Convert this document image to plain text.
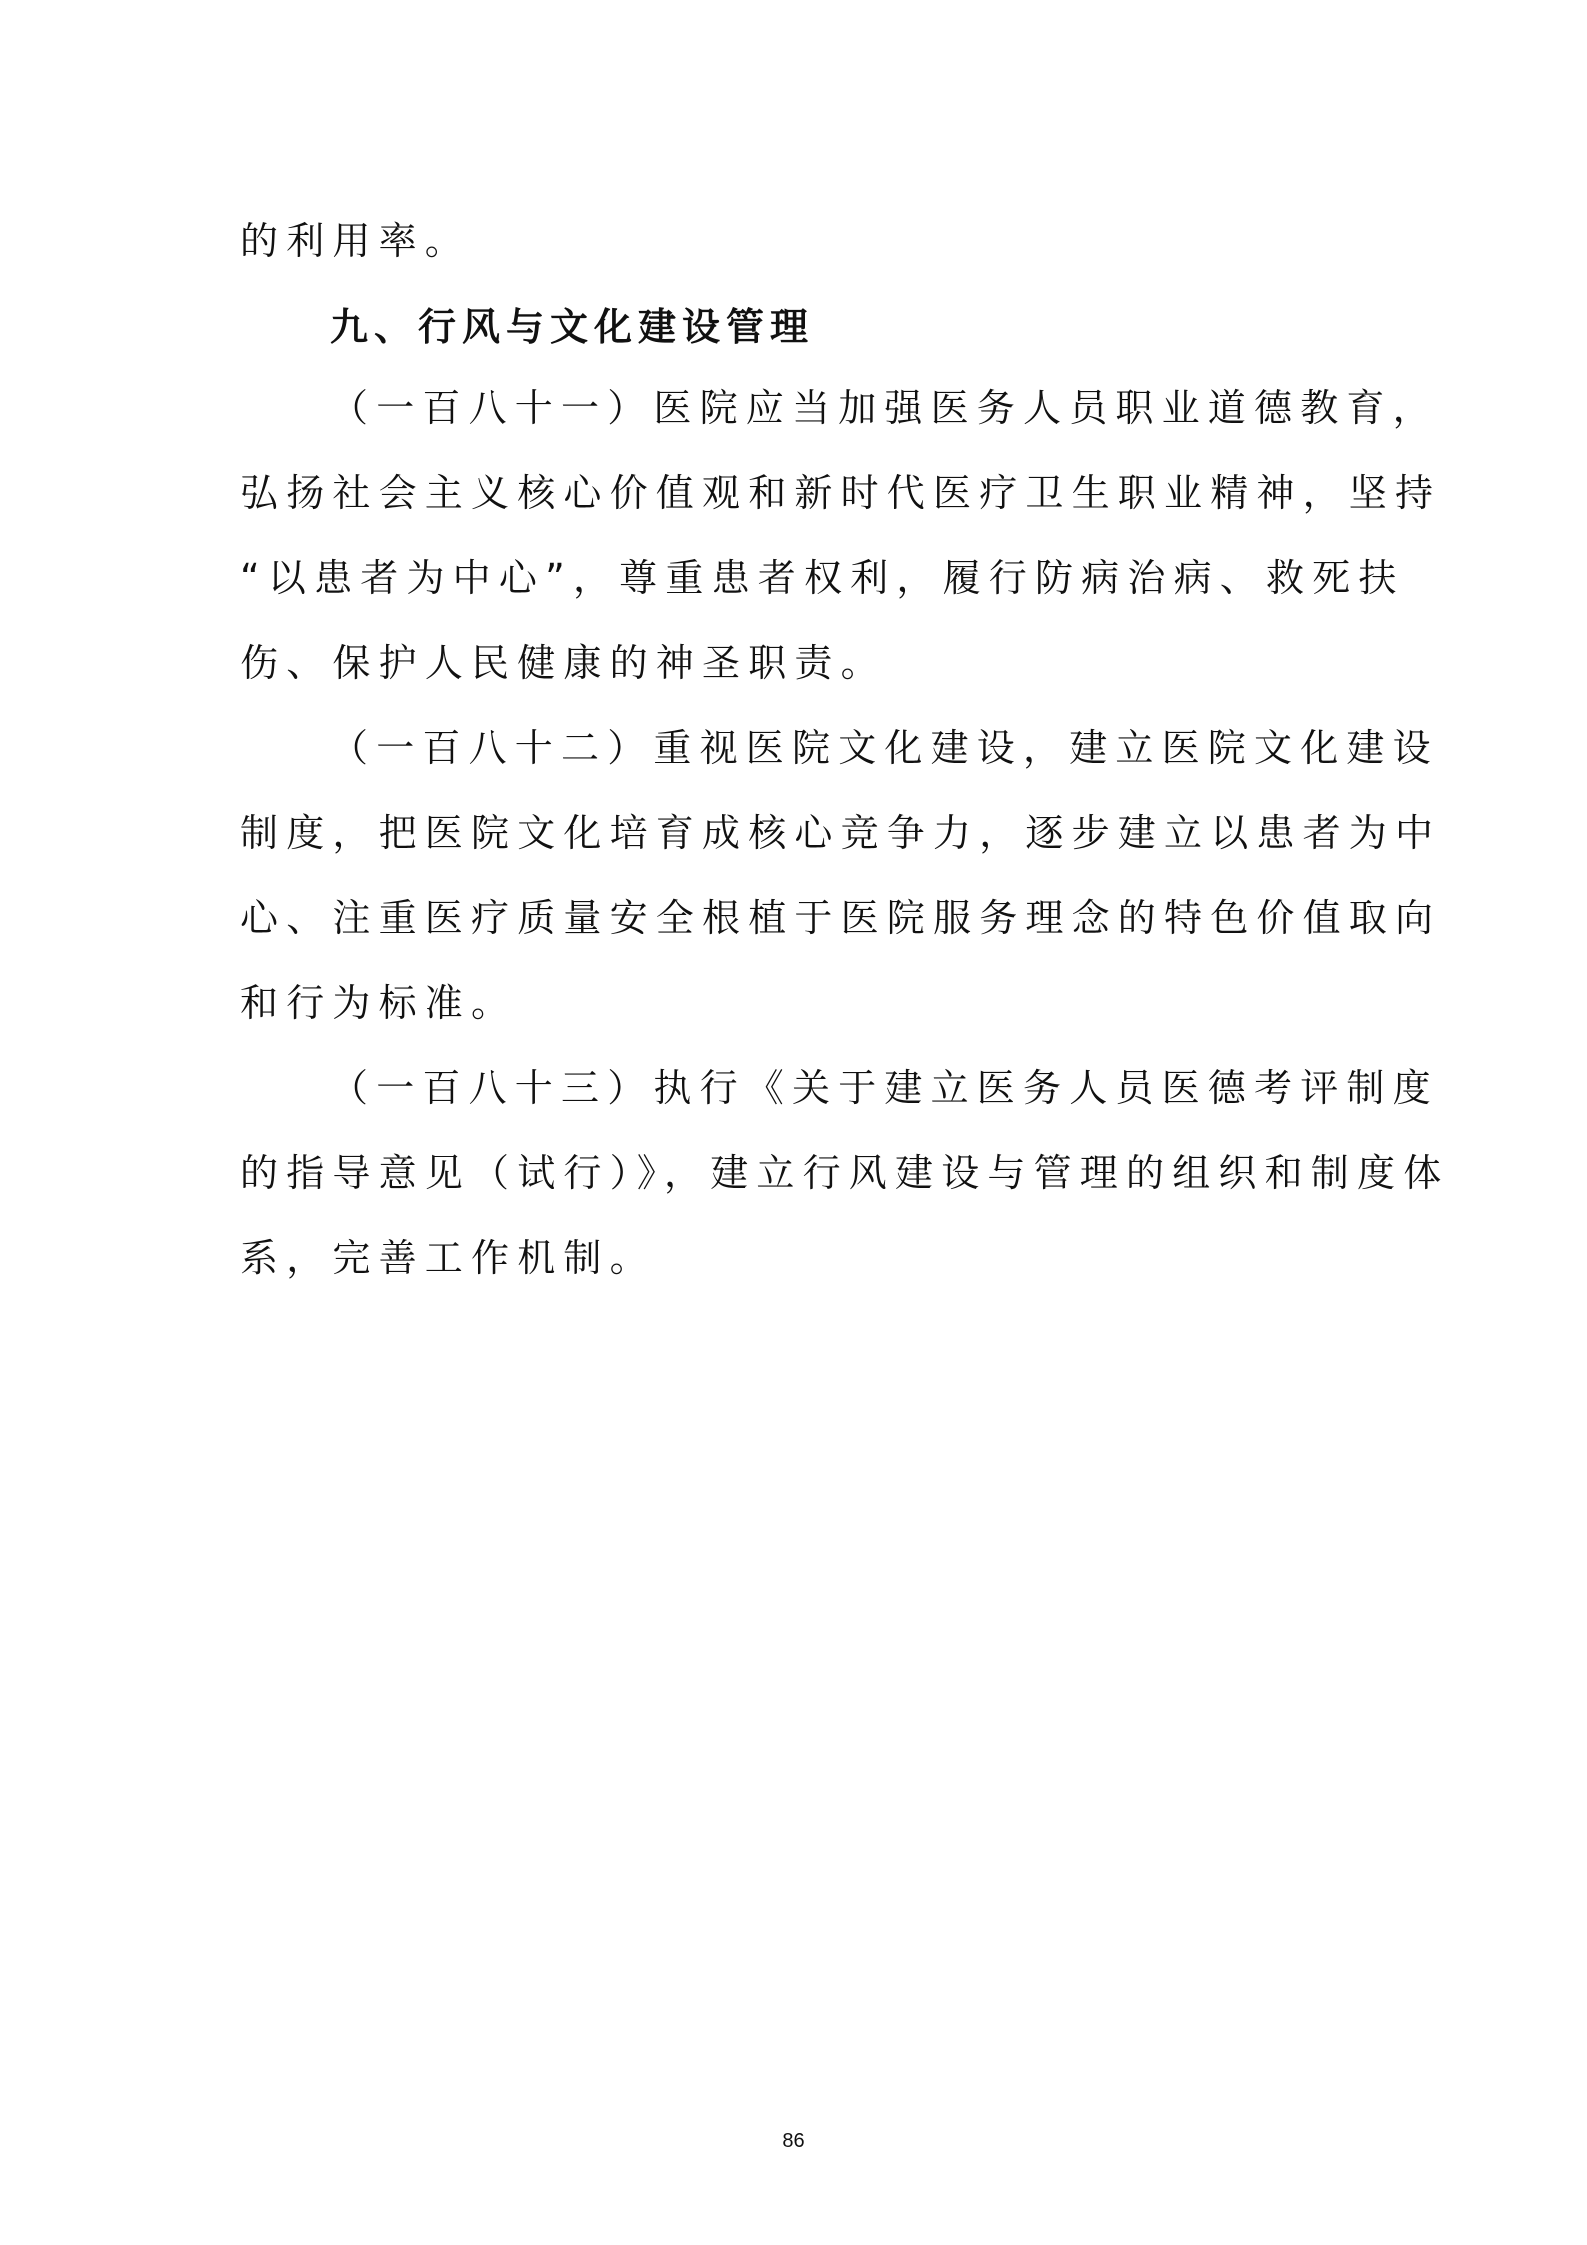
的利用率。
九、行风与文化建设管理
（一百八十一）医院应当加强医务人员职业道德教育，
弘扬社会主义核心价值观和新时代医疗卫生职业精神，坚持
“以患者为中心”，尊重患者权利，履行防病治病、救死扶
伤、保护人民健康的神圣职责。
（一百八十二）重视医院文化建设，建立医院文化建设
制度，把医院文化培育成核心竞争力，逐步建立以患者为中
心、注重医疗质量安全根植于医院服务理念的特色价值取向
和行为标准。
（一百八十三）执行《关于建立医务人员医德考评制度
的指导意见（试行）》，建立行风建设与管理的组织和制度体
系，完善工作机制。
86
